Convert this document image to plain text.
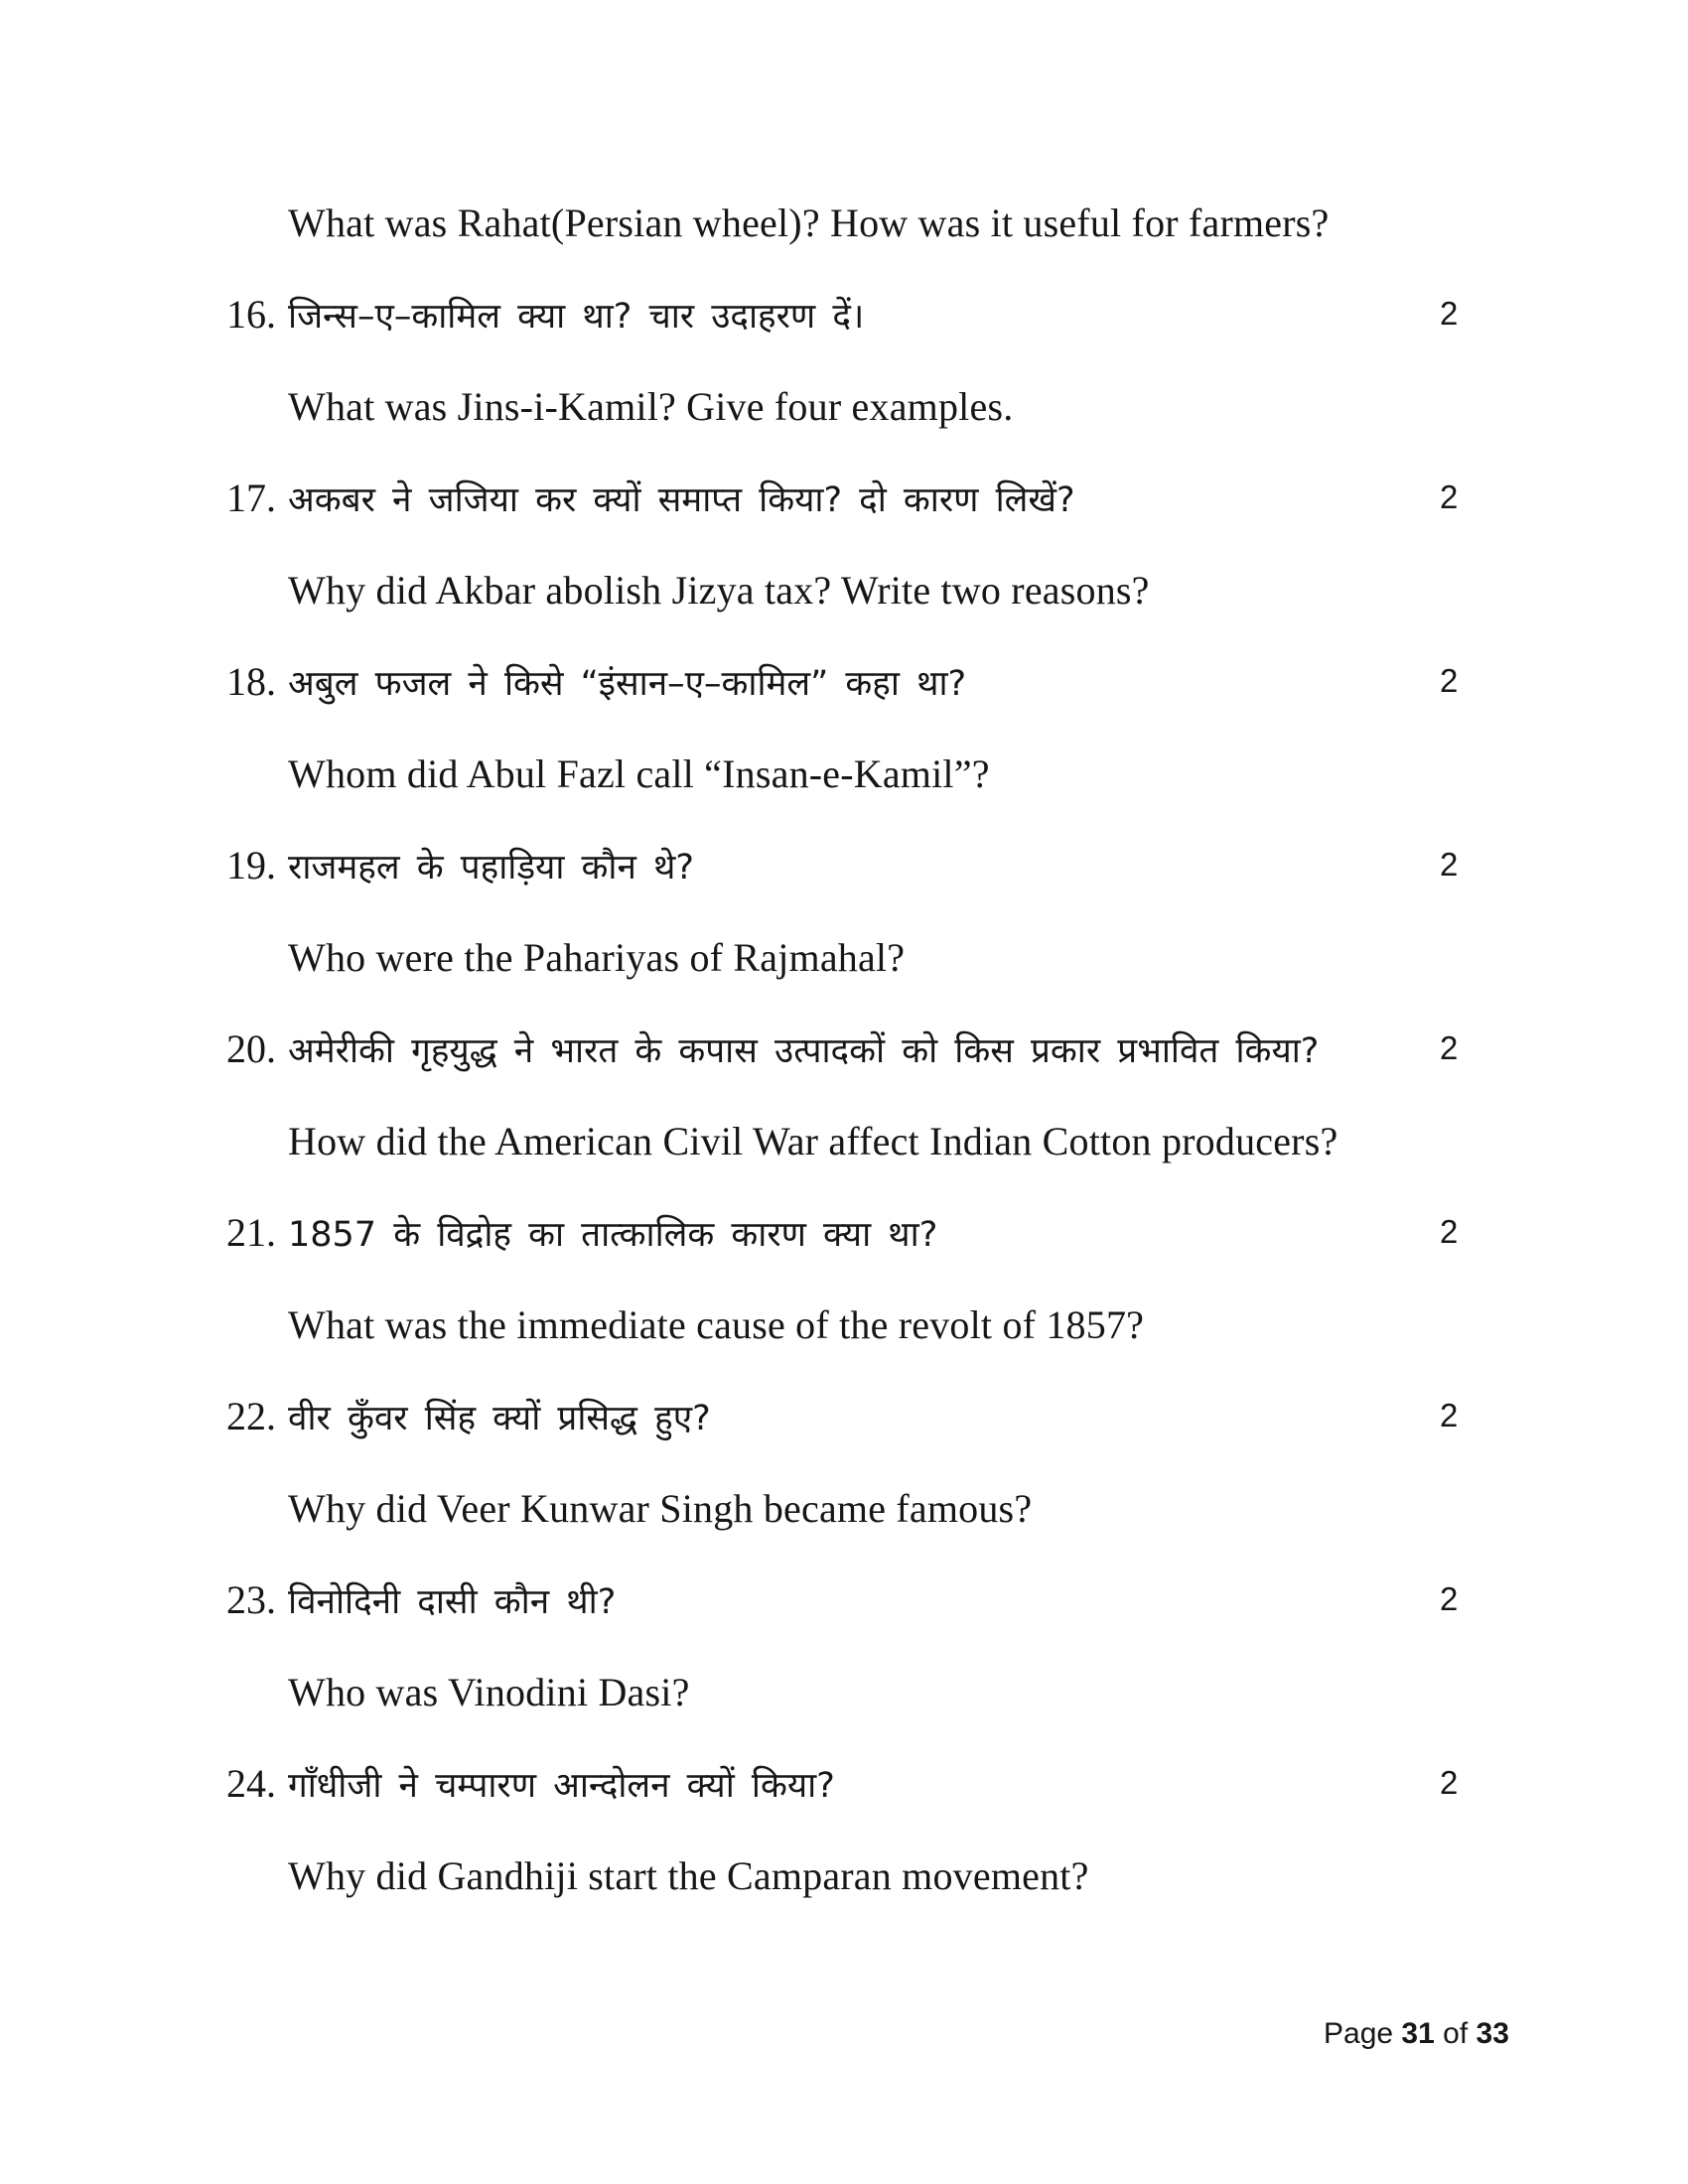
What was Rahat(Persian wheel)? How was it useful for farmers?
16. जिन्स–ए–कामिल क्या था? चार उदाहरण दें।	2
What was Jins-i-Kamil? Give four examples.
17. अकबर ने जजिया कर क्यों समाप्त किया? दो कारण लिखें?	2
Why did Akbar abolish Jizya tax? Write two reasons?
18. अबुल फजल ने किसे “इंसान–ए–कामिल” कहा था?	2
Whom did Abul Fazl call “Insan-e-Kamil”?
19. राजमहल के पहाड़िया कौन थे?	2
Who were the Pahariyas of Rajmahal?
20. अमेरीकी गृहयुद्ध ने भारत के कपास उत्पादकों को किस प्रकार प्रभावित किया?	2
How did the American Civil War affect Indian Cotton producers?
21. 1857 के विद्रोह का तात्कालिक कारण क्या था?	2
What was the immediate cause of the revolt of 1857?
22. वीर कुँवर सिंह क्यों प्रसिद्ध हुए?	2
Why did Veer Kunwar Singh became famous?
23. विनोदिनी दासी कौन थी?	2
Who was Vinodini Dasi?
24. गाँधीजी ने चम्पारण आन्दोलन क्यों किया?	2
Why did Gandhiji start the Camparan movement?
Page 31 of 33
